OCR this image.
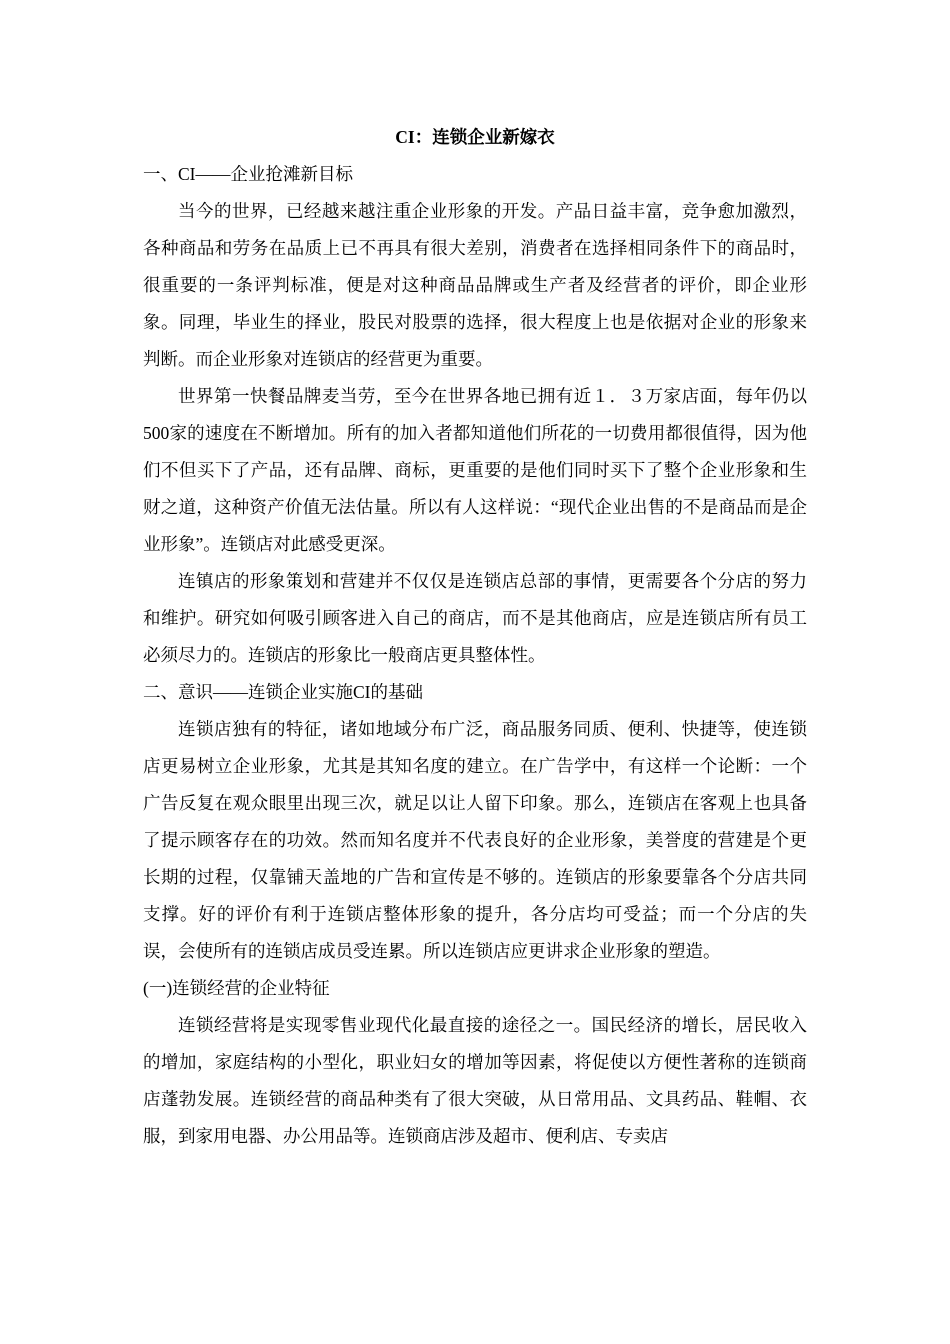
CI：连锁企业新嫁衣

一、CI——企业抢滩新目标

当今的世界，已经越来越注重企业形象的开发。产品日益丰富，竞争愈加激烈，各种商品和劳务在品质上已不再具有很大差别，消费者在选择相同条件下的商品时，很重要的一条评判标准，便是对这种商品品牌或生产者及经营者的评价，即企业形象。同理，毕业生的择业，股民对股票的选择，很大程度上也是依据对企业的形象来判断。而企业形象对连锁店的经营更为重要。

世界第一快餐品牌麦当劳，至今在世界各地已拥有近１．３万家店面，每年仍以500家的速度在不断增加。所有的加入者都知道他们所花的一切费用都很值得，因为他们不但买下了产品，还有品牌、商标，更重要的是他们同时买下了整个企业形象和生财之道，这种资产价值无法估量。所以有人这样说：“现代企业出售的不是商品而是企业形象”。连锁店对此感受更深。

连镇店的形象策划和营建并不仅仅是连锁店总部的事情，更需要各个分店的努力和维护。研究如何吸引顾客进入自己的商店，而不是其他商店，应是连锁店所有员工必须尽力的。连锁店的形象比一般商店更具整体性。

二、意识——连锁企业实施CI的基础

连锁店独有的特征，诸如地域分布广泛，商品服务同质、便利、快捷等，使连锁店更易树立企业形象，尤其是其知名度的建立。在广告学中，有这样一个论断：一个广告反复在观众眼里出现三次，就足以让人留下印象。那么，连锁店在客观上也具备了提示顾客存在的功效。然而知名度并不代表良好的企业形象，美誉度的营建是个更长期的过程，仅靠铺天盖地的广告和宣传是不够的。连锁店的形象要靠各个分店共同支撑。好的评价有利于连锁店整体形象的提升，各分店均可受益；而一个分店的失误，会使所有的连锁店成员受连累。所以连锁店应更讲求企业形象的塑造。

(一)连锁经营的企业特征

连锁经营将是实现零售业现代化最直接的途径之一。国民经济的增长，居民收入的增加，家庭结构的小型化，职业妇女的增加等因素，将促使以方便性著称的连锁商店蓬勃发展。连锁经营的商品种类有了很大突破，从日常用品、文具药品、鞋帽、衣服，到家用电器、办公用品等。连锁商店涉及超市、便利店、专卖店
